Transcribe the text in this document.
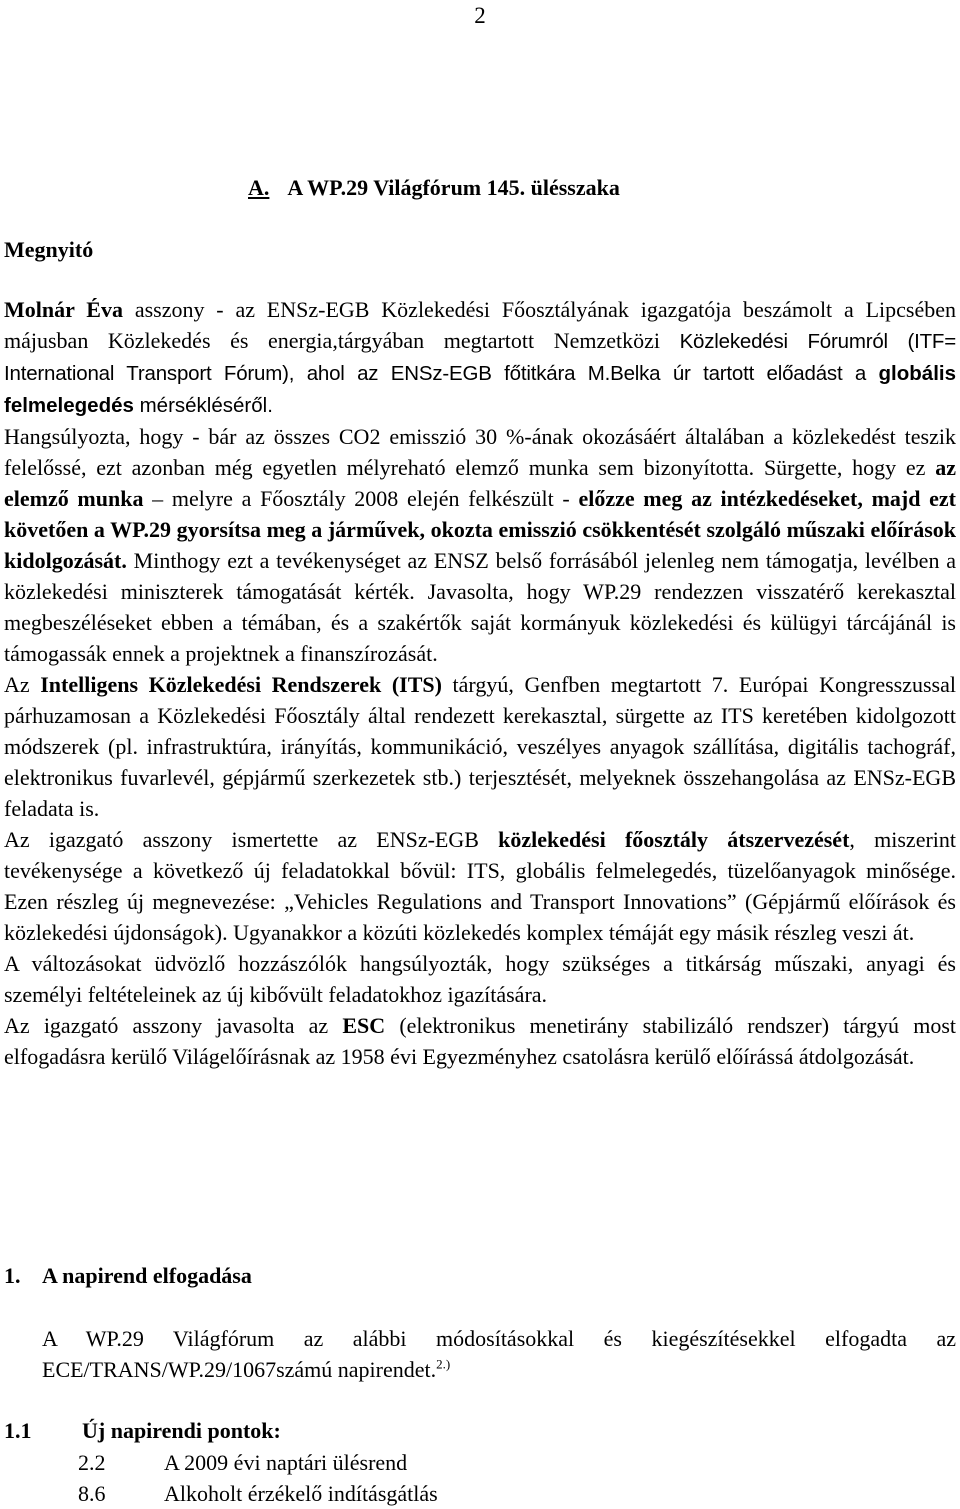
2
A. A WP.29 Világfórum 145. ülésszaka
Megnyitó

Molnár Éva asszony - az ENSz-EGB Közlekedési Főosztályának igazgatója beszámolt a Lipcsében májusban Közlekedés és energia,tárgyában megtartott Nemzetközi Közlekedési Fórumról (ITF= International Transport Fórum), ahol az ENSz-EGB főtitkára M.Belka úr tartott előadást a globális felmelegedés mérsékléséről.

Hangsúlyozta, hogy - bár az összes CO2 emisszió 30 %-ának okozásáért általában a közlekedést teszik felelőssé, ezt azonban még egyetlen mélyreható elemző munka sem bizonyította. Sürgette, hogy ez az elemző munka – melyre a Főosztály 2008 elején felkészült - előzze meg az intézkedéseket, majd ezt követően a WP.29 gyorsítsa meg a járművek, okozta emisszió csökkentését szolgáló műszaki előírások kidolgozását. Minthogy ezt a tevékenységet az ENSZ belső forrásából jelenleg nem támogatja, levélben a közlekedési miniszterek támogatását kérték. Javasolta, hogy WP.29 rendezzen visszatérő kerekasztal megbeszéléseket ebben a témában, és a szakértők saját kormányuk közlekedési és külügyi tárcájánál is támogassák ennek a projektnek a finanszírozását.

Az Intelligens Közlekedési Rendszerek (ITS) tárgyú, Genfben megtartott 7. Európai Kongresszussal párhuzamosan a Közlekedési Főosztály által rendezett kerekasztal, sürgette az ITS keretében kidolgozott módszerek (pl. infrastruktúra, irányítás, kommunikáció, veszélyes anyagok szállítása, digitális tachográf, elektronikus fuvarlevél, gépjármű szerkezetek stb.) terjesztését, melyeknek összehangolása az ENSz-EGB feladata is.

Az igazgató asszony ismertette az ENSz-EGB közlekedési főosztály átszervezését, miszerint tevékenysége a következő új feladatokkal bővül: ITS, globális felmelegedés, tüzelőanyagok minősége. Ezen részleg új megnevezése: „Vehicles Regulations and Transport Innovations” (Gépjármű előírások és közlekedési újdonságok). Ugyanakkor a közúti közlekedés komplex témáját egy másik részleg veszi át.

A változásokat üdvözlő hozzászólók hangsúlyozták, hogy szükséges a titkárság műszaki, anyagi és személyi feltételeinek az új kibővült feladatokhoz igazítására.

Az igazgató asszony javasolta az ESC (elektronikus menetirány stabilizáló rendszer) tárgyú most elfogadásra kerülő Világelőírásnak az 1958 évi Egyezményhez csatolásra kerülő előírássá átdolgozását.

1. A napirend elfogadása
A WP.29 Világfórum az alábbi módosításokkal és kiegészítésekkel elfogadta az ECE/TRANS/WP.29/1067számú napirendet.$^{2.)}$
1.1 Új napirendi pontok:
2.2	A 2009 évi naptári ülésrend
8.6	Alkoholt érzékelő indításgátlás
